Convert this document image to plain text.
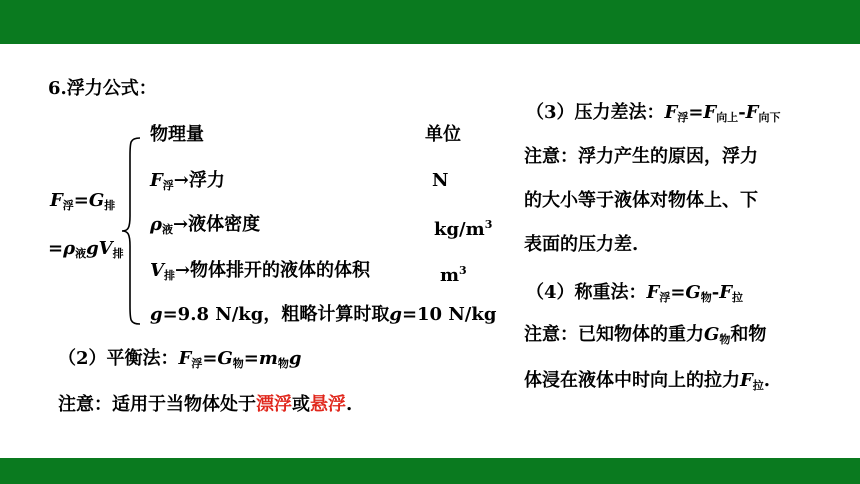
6.浮力公式：
$F_浮=G_排$
$=\rho_液gV_排$
物理量	单位
$F_浮\to$浮力	N
$\rho_液\to$液体密度	$kg/m^3$
$V_排\to$物体排开的液体的体积	$m^3$
g=9.8 N/kg，粗略计算时取g=10 N/kg
（2）平衡法：$F_浮=G_物=m_物g$
注意：适用于当物体处于漂浮或悬浮.
（3）压力差法：$F_浮=F_{向上}-F_{向下}$
注意：浮力产生的原因，浮力
的大小等于液体对物体上、下
表面的压力差.
（4）称重法：$F_浮=G_物-F_拉$
注意：已知物体的重力$G_物$和物
体浸在液体中时向上的拉力$F_拉$.
